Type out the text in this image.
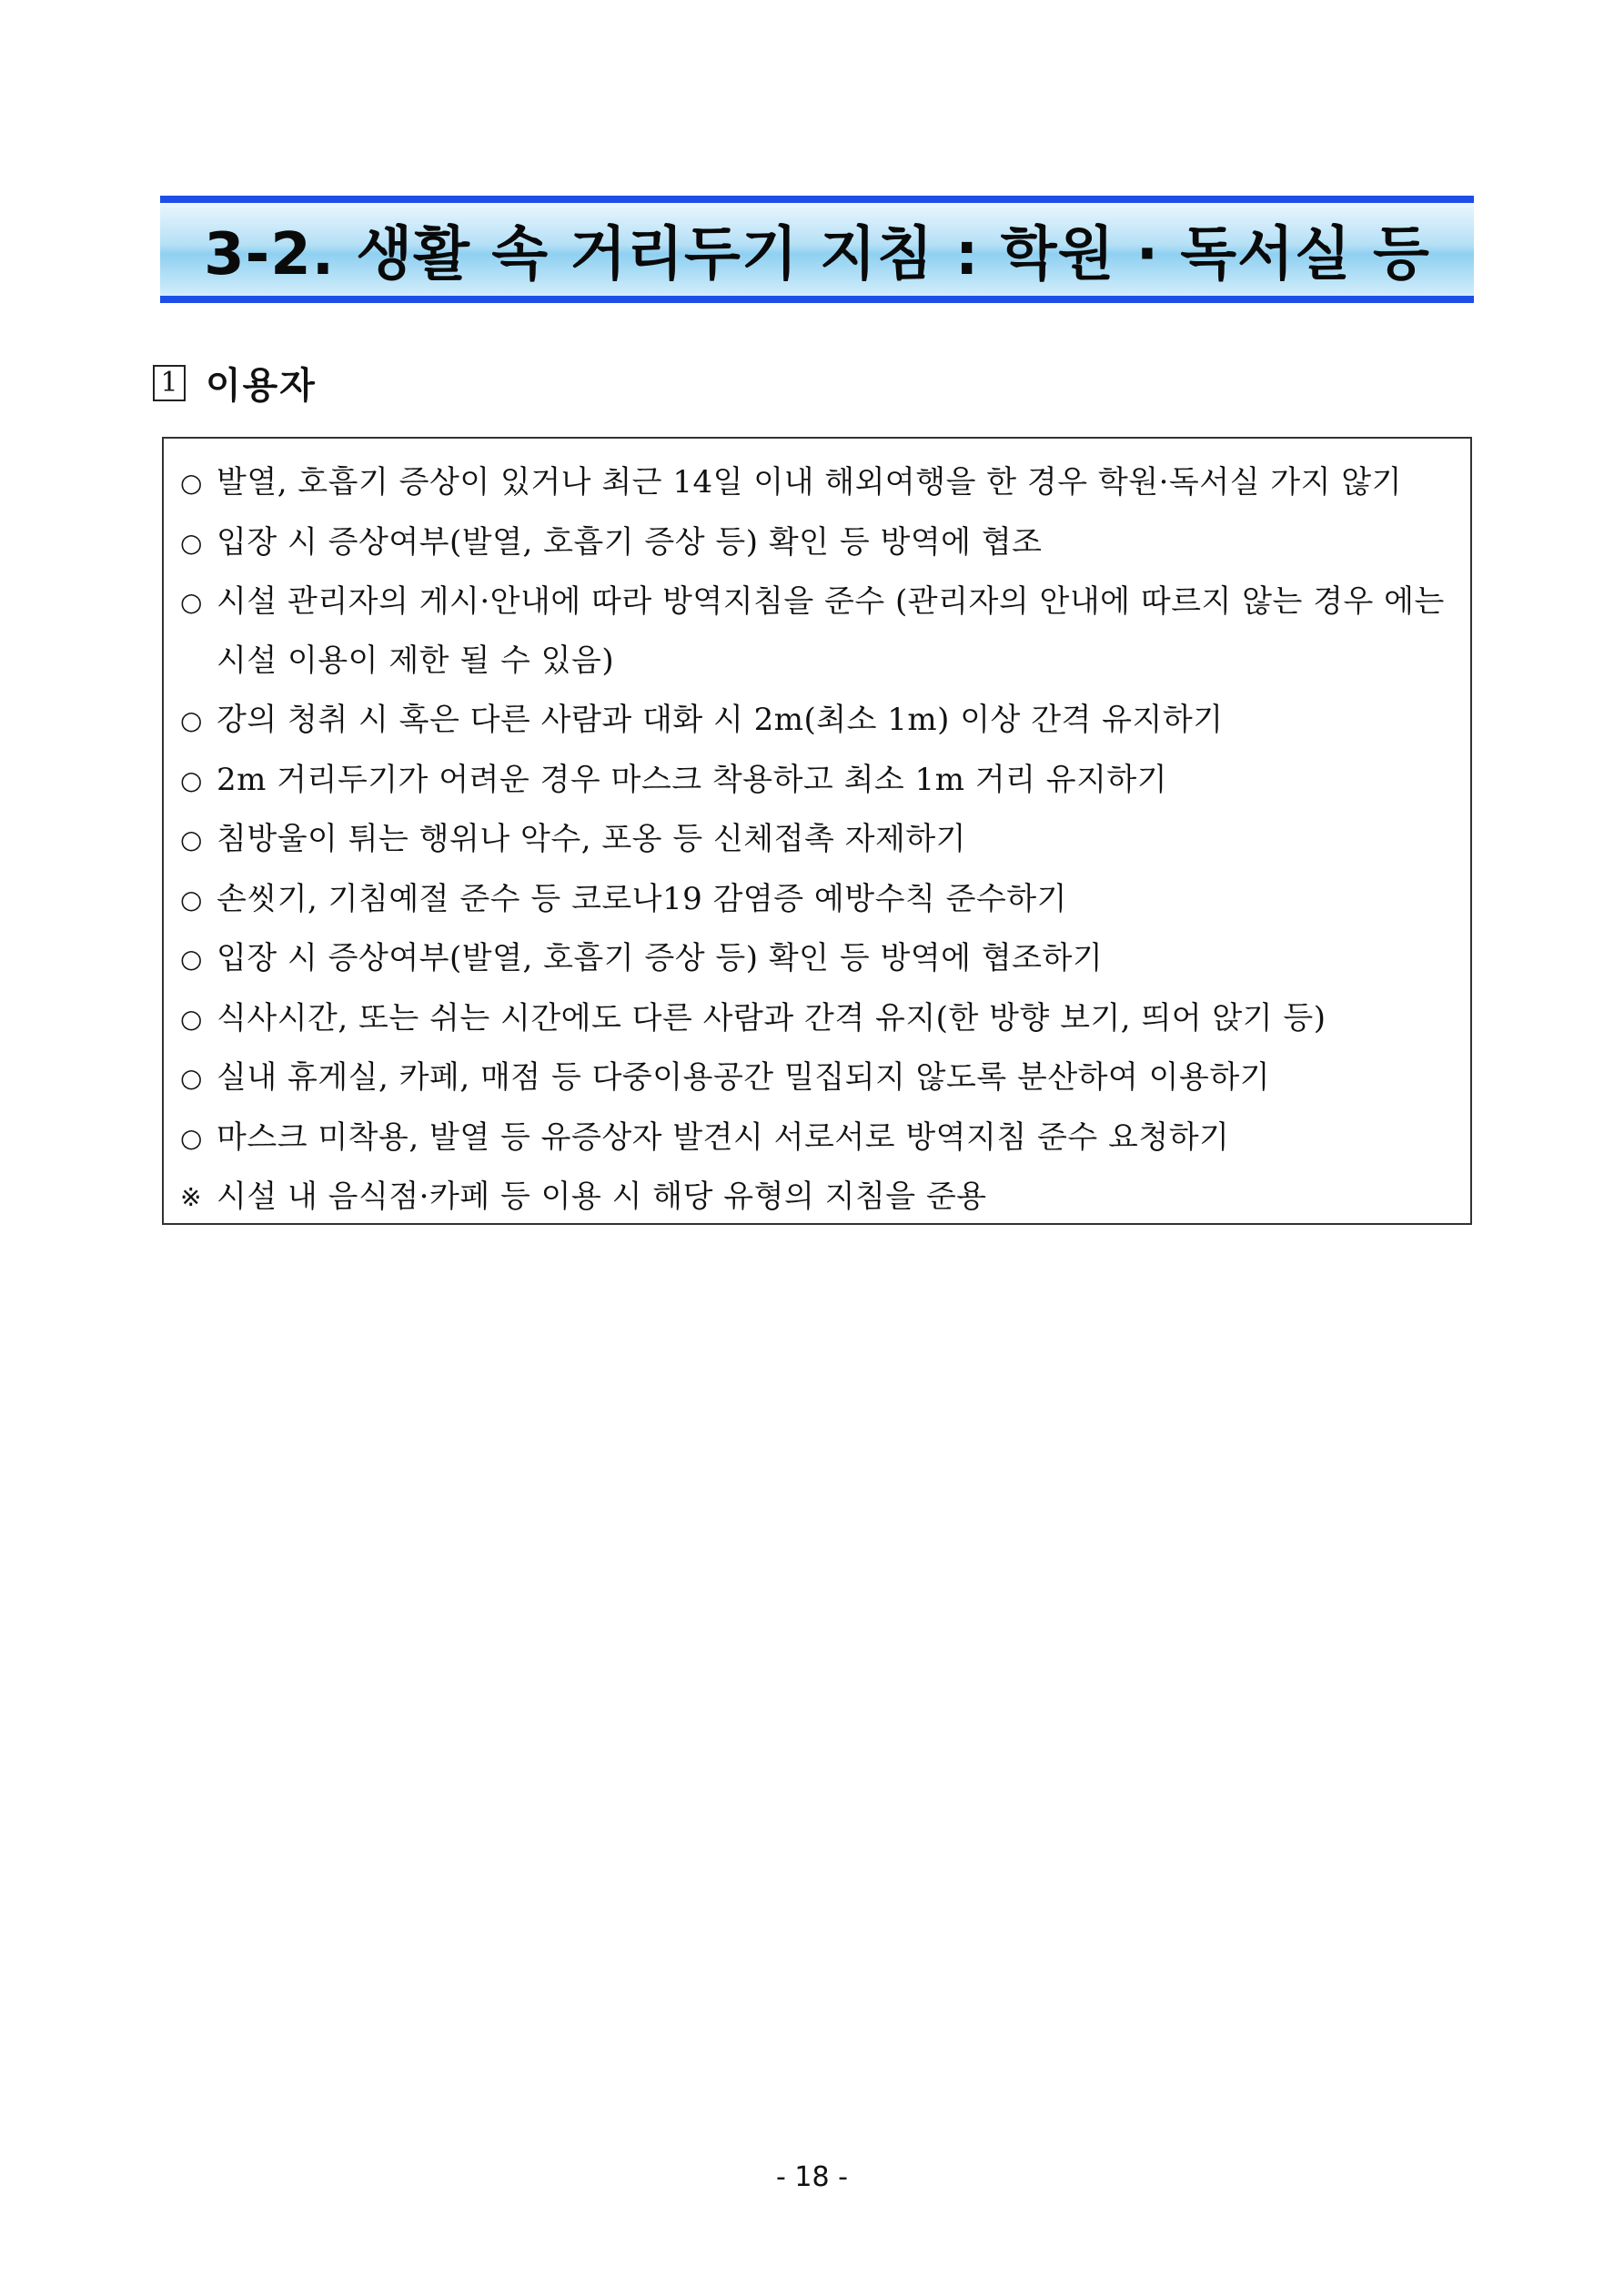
3-2. 생활 속 거리두기 지침 : 학원 · 독서실 등
1 이용자
○ 발열, 호흡기 증상이 있거나 최근 14일 이내 해외여행을 한 경우 학원·독서실 가지 않기
○ 입장 시 증상여부(발열, 호흡기 증상 등) 확인 등 방역에 협조
○ 시설 관리자의 게시·안내에 따라 방역지침을 준수 (관리자의 안내에 따르지 않는 경우 에는 시설 이용이 제한 될 수 있음)
○ 강의 청취 시 혹은 다른 사람과 대화 시 2m(최소 1m) 이상 간격 유지하기
○ 2m 거리두기가 어려운 경우 마스크 착용하고 최소 1m 거리 유지하기
○ 침방울이 튀는 행위나 악수, 포옹 등 신체접촉 자제하기
○ 손씻기, 기침예절 준수 등 코로나19 감염증 예방수칙 준수하기
○ 입장 시 증상여부(발열, 호흡기 증상 등) 확인 등 방역에 협조하기
○ 식사시간, 또는 쉬는 시간에도 다른 사람과 간격 유지(한 방향 보기, 띄어 앉기 등)
○ 실내 휴게실, 카페, 매점 등 다중이용공간 밀집되지 않도록 분산하여 이용하기
○ 마스크 미착용, 발열 등 유증상자 발견시 서로서로 방역지침 준수 요청하기
※ 시설 내 음식점·카페 등 이용 시 해당 유형의 지침을 준용
- 18 -
